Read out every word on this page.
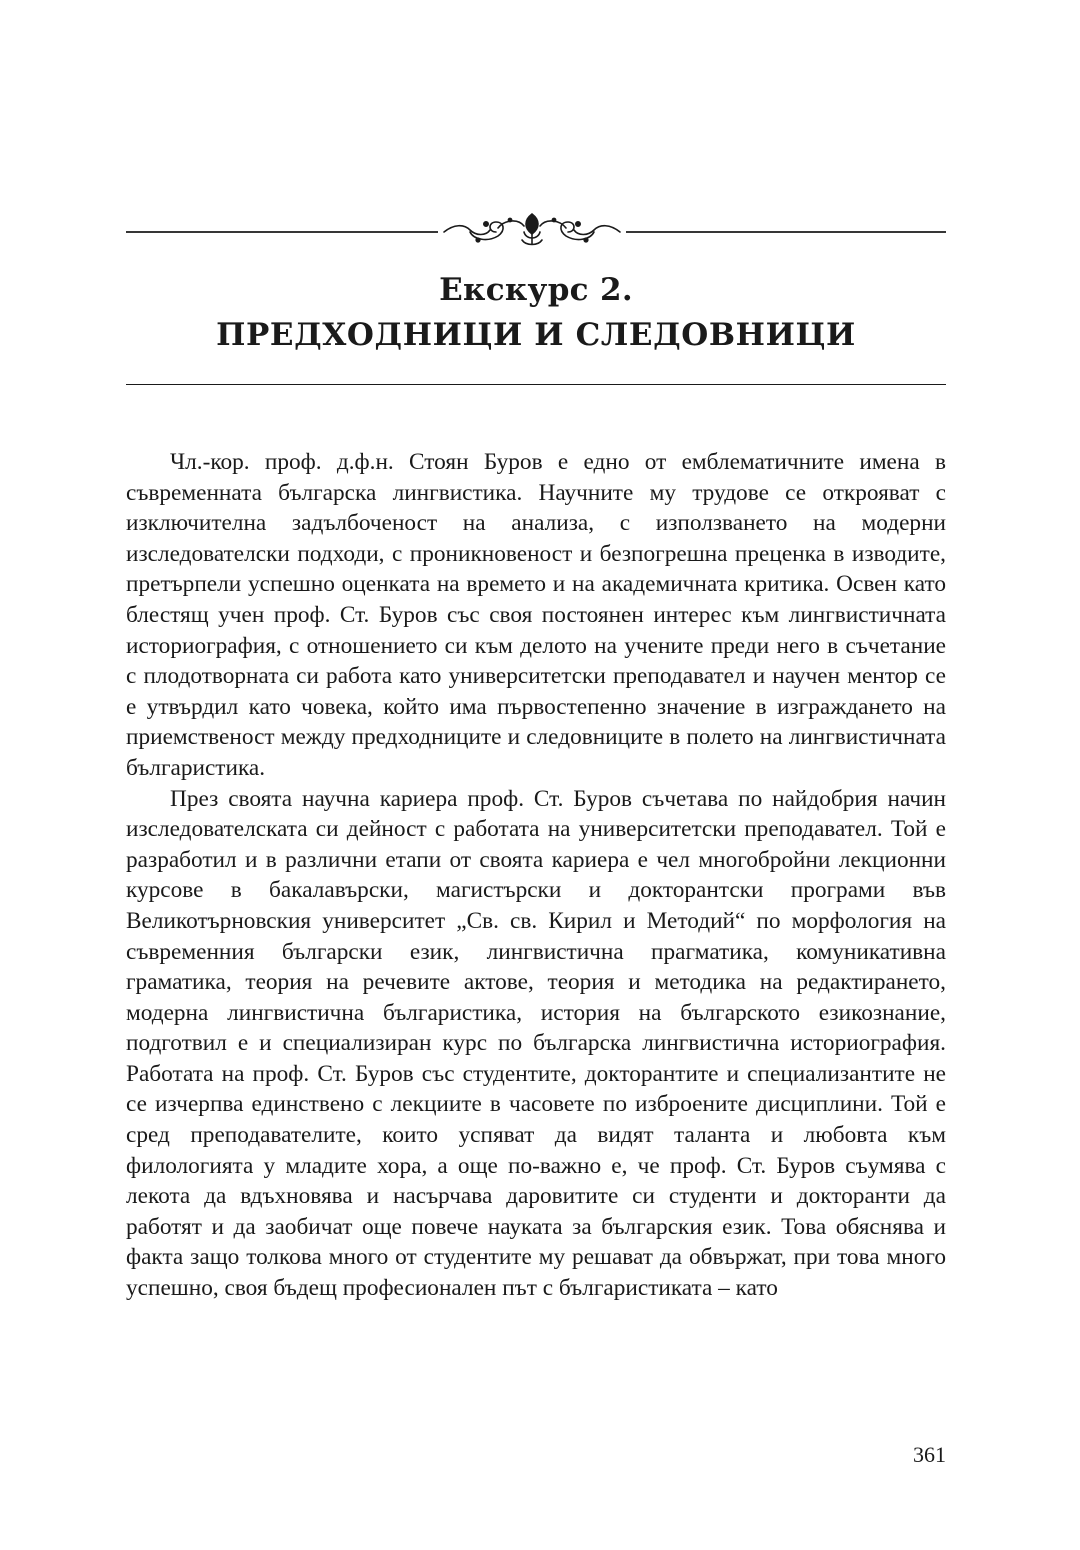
Екскурс 2.
ПРЕДХОДНИЦИ И СЛЕДОВНИЦИ

Чл.-кор. проф. д.ф.н. Стоян Буров е едно от емблематичните имена в съвременната българска лингвистика. Научните му трудове се открояват с изключителна задълбоченост на анализа, с използването на модерни изследователски подходи, с проникновеност и безпогрешна преценка в изводите, претърпели успешно оценката на времето и на академичната критика. Освен като блестящ учен проф. Ст. Буров със своя постоянен интерес към лингвистичната историография, с отношението си към делото на учените преди него в съчетание с плодотворната си работа като университетски преподавател и научен ментор се е утвърдил като човека, който има първостепенно значение в изграждането на приемственост между предходниците и следовниците в полето на лингвистичната българистика.

През своята научна кариера проф. Ст. Буров съчетава по найдобрия начин изследователската си дейност с работата на университетски преподавател. Той е разработил и в различни етапи от своята кариера е чел многобройни лекционни курсове в бакалавърски, магистърски и докторантски програми във Великотърновския университет „Св. св. Кирил и Методий“ по морфология на съвременния български език, лингвистична прагматика, комуникативна граматика, теория на речевите актове, теория и методика на редактирането, модерна лингвистична българистика, история на българското езикознание, подготвил е и специализиран курс по българска лингвистична историография. Работата на проф. Ст. Буров със студентите, докторантите и специализантите не се изчерпва единствено с лекциите в часовете по изброените дисциплини. Той е сред преподавателите, които успяват да видят таланта и любовта към филологията у младите хора, а още по-важно е, че проф. Ст. Буров съумява с лекота да вдъхновява и насърчава даровитите си студенти и докторанти да работят и да заобичат още повече науката за българския език. Това обяснява и факта защо толкова много от студентите му решават да обвържат, при това много успешно, своя бъдещ професионален път с българистиката – като

361
